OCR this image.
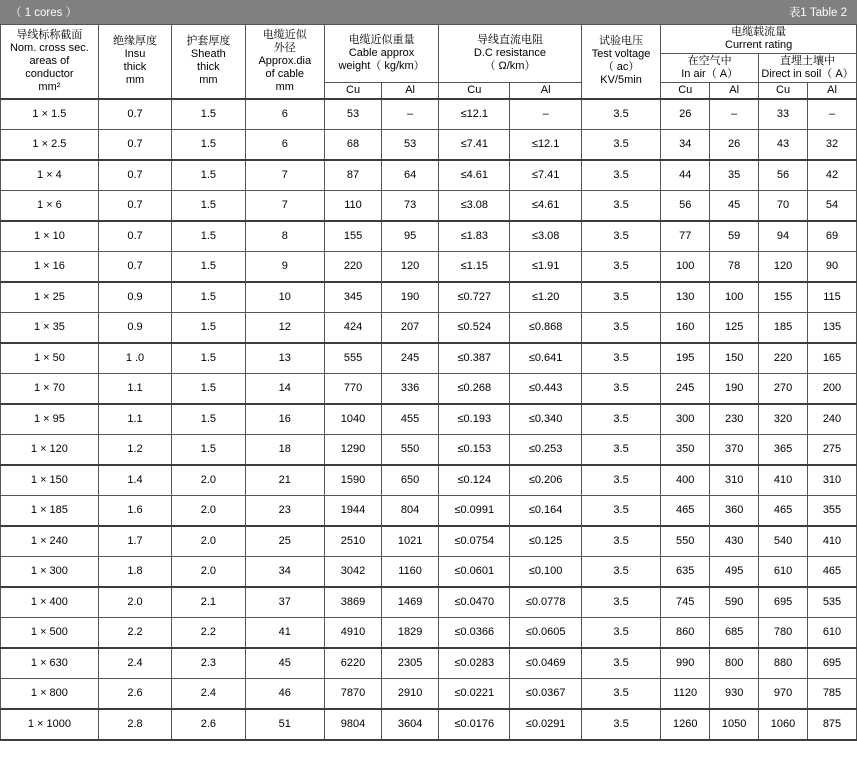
（ 1 cores ）	表1 Table 2
导线标称截面
Nom. cross sec.
areas of
conductor
mm²	绝缘厚度
Insu
thick
mm	护套厚度
Sheath
thick
mm	电缆近似
外径
Approx.dia
of cable
mm	电缆近似重量
Cable approx
weight（ kg/km）		导线直流电阻
D.C resistance
（ Ω/km）		试验电压
Test voltage
（ ac）
KV/5min	电缆载流量
Current rating			

									在空气中
In air（ A）		直埋土壤中
Direct in soil（ A）	

				Cu	Al	Cu	Al		Cu	Al	Cu	Al
1 × 1.5	0.7	1.5	6	53	–	≤12.1	–	3.5	26	–	33	–
1 × 2.5	0.7	1.5	6	68	53	≤7.41	≤12.1	3.5	34	26	43	32
1 × 4	0.7	1.5	7	87	64	≤4.61	≤7.41	3.5	44	35	56	42
1 × 6	0.7	1.5	7	110	73	≤3.08	≤4.61	3.5	56	45	70	54
1 × 10	0.7	1.5	8	155	95	≤1.83	≤3.08	3.5	77	59	94	69
1 × 16	0.7	1.5	9	220	120	≤1.15	≤1.91	3.5	100	78	120	90
1 × 25	0.9	1.5	10	345	190	≤0.727	≤1.20	3.5	130	100	155	115
1 × 35	0.9	1.5	12	424	207	≤0.524	≤0.868	3.5	160	125	185	135
1 × 50	1 .0	1.5	13	555	245	≤0.387	≤0.641	3.5	195	150	220	165
1 × 70	1.1	1.5	14	770	336	≤0.268	≤0.443	3.5	245	190	270	200
1 × 95	1.1	1.5	16	1040	455	≤0.193	≤0.340	3.5	300	230	320	240
1 × 120	1.2	1.5	18	1290	550	≤0.153	≤0.253	3.5	350	370	365	275
1 × 150	1.4	2.0	21	1590	650	≤0.124	≤0.206	3.5	400	310	410	310
1 × 185	1.6	2.0	23	1944	804	≤0.0991	≤0.164	3.5	465	360	465	355
1 × 240	1.7	2.0	25	2510	1021	≤0.0754	≤0.125	3.5	550	430	540	410
1 × 300	1.8	2.0	34	3042	1160	≤0.0601	≤0.100	3.5	635	495	610	465
1 × 400	2.0	2.1	37	3869	1469	≤0.0470	≤0.0778	3.5	745	590	695	535
1 × 500	2.2	2.2	41	4910	1829	≤0.0366	≤0.0605	3.5	860	685	780	610
1 × 630	2.4	2.3	45	6220	2305	≤0.0283	≤0.0469	3.5	990	800	880	695
1 × 800	2.6	2.4	46	7870	2910	≤0.0221	≤0.0367	3.5	1120	930	970	785
1 × 1000	2.8	2.6	51	9804	3604	≤0.0176	≤0.0291	3.5	1260	1050	1060	875
